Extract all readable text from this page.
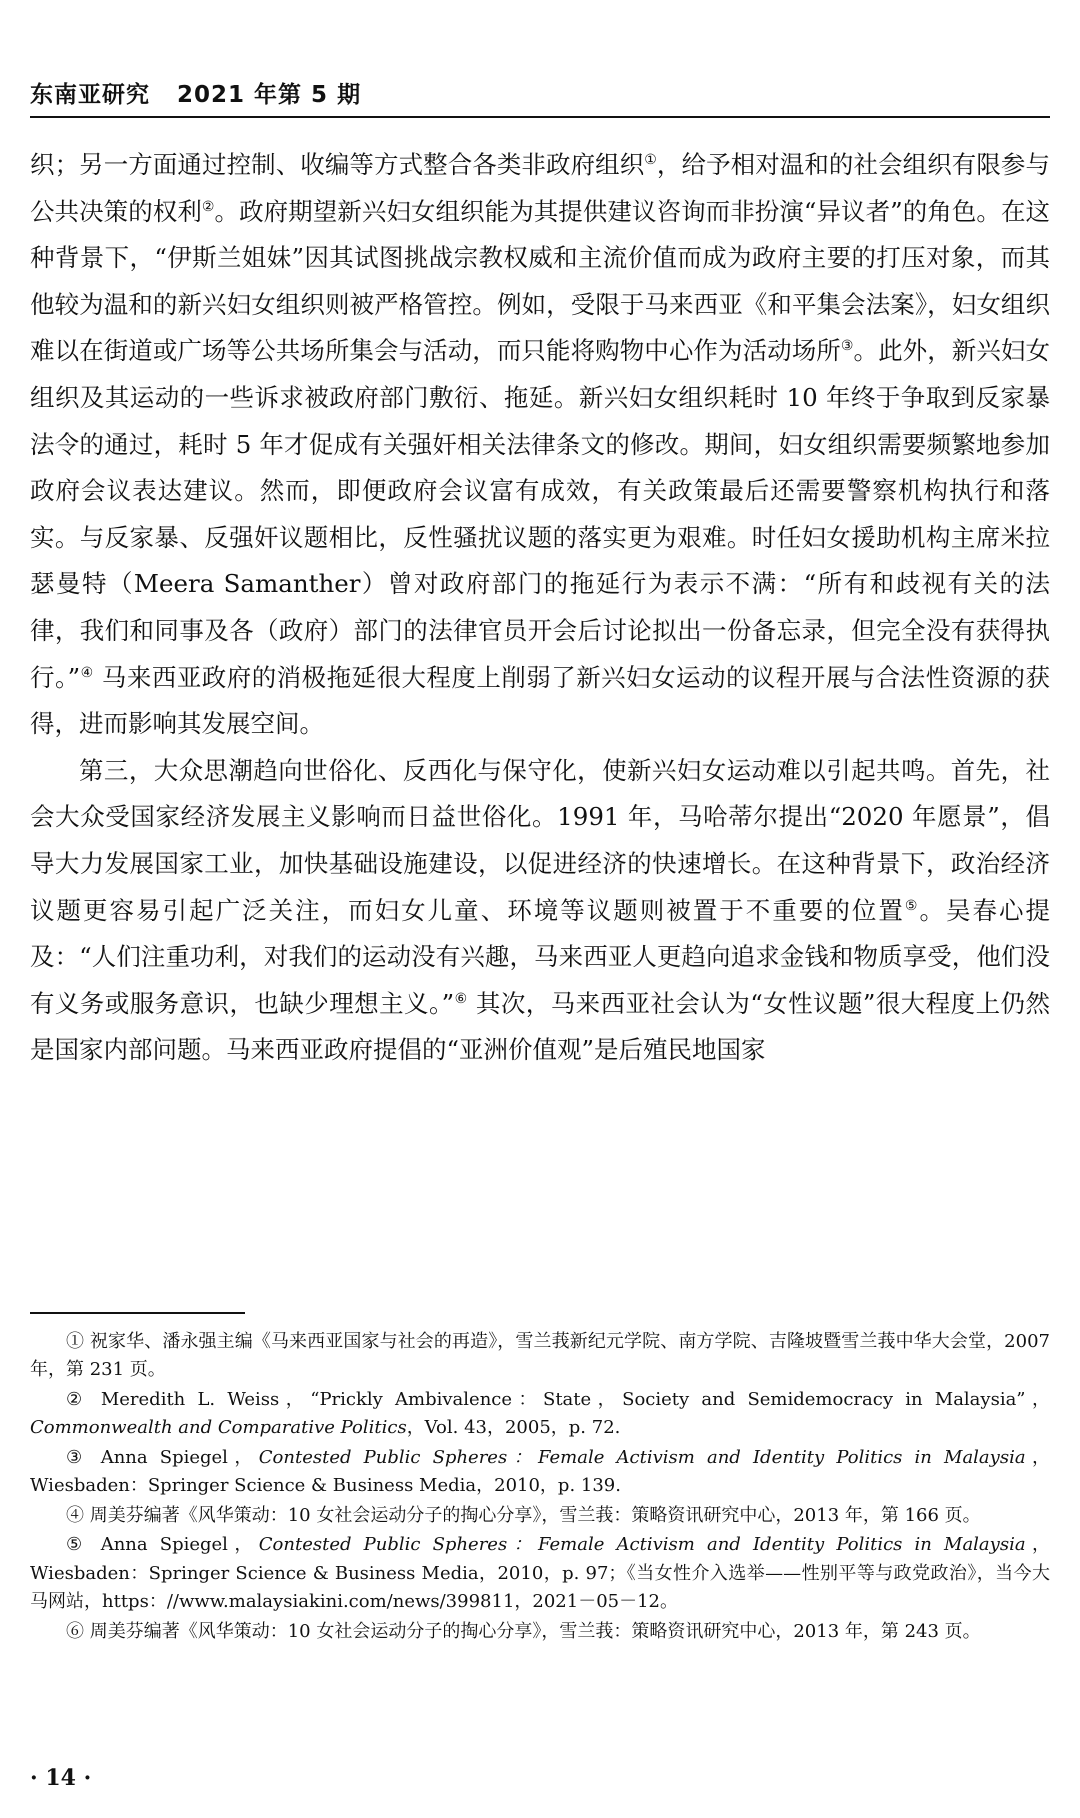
东南亚研究 2021 年第 5 期

织；另一方面通过控制、收编等方式整合各类非政府组织①，给予相对温和的社会组织有限参与公共决策的权利②。政府期望新兴妇女组织能为其提供建议咨询而非扮演“异议者”的角色。在这种背景下，“伊斯兰姐妹”因其试图挑战宗教权威和主流价值而成为政府主要的打压对象，而其他较为温和的新兴妇女组织则被严格管控。例如，受限于马来西亚《和平集会法案》，妇女组织难以在街道或广场等公共场所集会与活动，而只能将购物中心作为活动场所③。此外，新兴妇女组织及其运动的一些诉求被政府部门敷衍、拖延。新兴妇女组织耗时 10 年终于争取到反家暴法令的通过，耗时 5 年才促成有关强奸相关法律条文的修改。期间，妇女组织需要频繁地参加政府会议表达建议。然而，即便政府会议富有成效，有关政策最后还需要警察机构执行和落实。与反家暴、反强奸议题相比，反性骚扰议题的落实更为艰难。时任妇女援助机构主席米拉瑟曼特（Meera Samanther）曾对政府部门的拖延行为表示不满：“所有和歧视有关的法律，我们和同事及各（政府）部门的法律官员开会后讨论拟出一份备忘录，但完全没有获得执行。”④ 马来西亚政府的消极拖延很大程度上削弱了新兴妇女运动的议程开展与合法性资源的获得，进而影响其发展空间。

第三，大众思潮趋向世俗化、反西化与保守化，使新兴妇女运动难以引起共鸣。首先，社会大众受国家经济发展主义影响而日益世俗化。1991 年，马哈蒂尔提出“2020 年愿景”，倡导大力发展国家工业，加快基础设施建设，以促进经济的快速增长。在这种背景下，政治经济议题更容易引起广泛关注，而妇女儿童、环境等议题则被置于不重要的位置⑤。吴春心提及：“人们注重功利，对我们的运动没有兴趣，马来西亚人更趋向追求金钱和物质享受，他们没有义务或服务意识，也缺少理想主义。”⑥ 其次，马来西亚社会认为“女性议题”很大程度上仍然是国家内部问题。马来西亚政府提倡的“亚洲价值观”是后殖民地国家

① 祝家华、潘永强主编《马来西亚国家与社会的再造》，雪兰莪新纪元学院、南方学院、吉隆坡暨雪兰莪中华大会堂，2007 年，第 231 页。

② Meredith L. Weiss，“Prickly Ambivalence：State，Society and Semidemocracy in Malaysia”，Commonwealth and Comparative Politics，Vol. 43，2005，p. 72.

③ Anna Spiegel，Contested Public Spheres：Female Activism and Identity Politics in Malaysia，Wiesbaden：Springer Science & Business Media，2010，p. 139.

④ 周美芬编著《风华策动：10 女社会运动分子的掏心分享》，雪兰莪：策略资讯研究中心，2013 年，第 166 页。

⑤ Anna Spiegel，Contested Public Spheres：Female Activism and Identity Politics in Malaysia，Wiesbaden：Springer Science & Business Media，2010，p. 97；《当女性介入选举——性别平等与政党政治》，当今大马网站，https：//www.malaysiakini.com/news/399811，2021－05－12。

⑥ 周美芬编著《风华策动：10 女社会运动分子的掏心分享》，雪兰莪：策略资讯研究中心，2013 年，第 243 页。

· 14 ·
